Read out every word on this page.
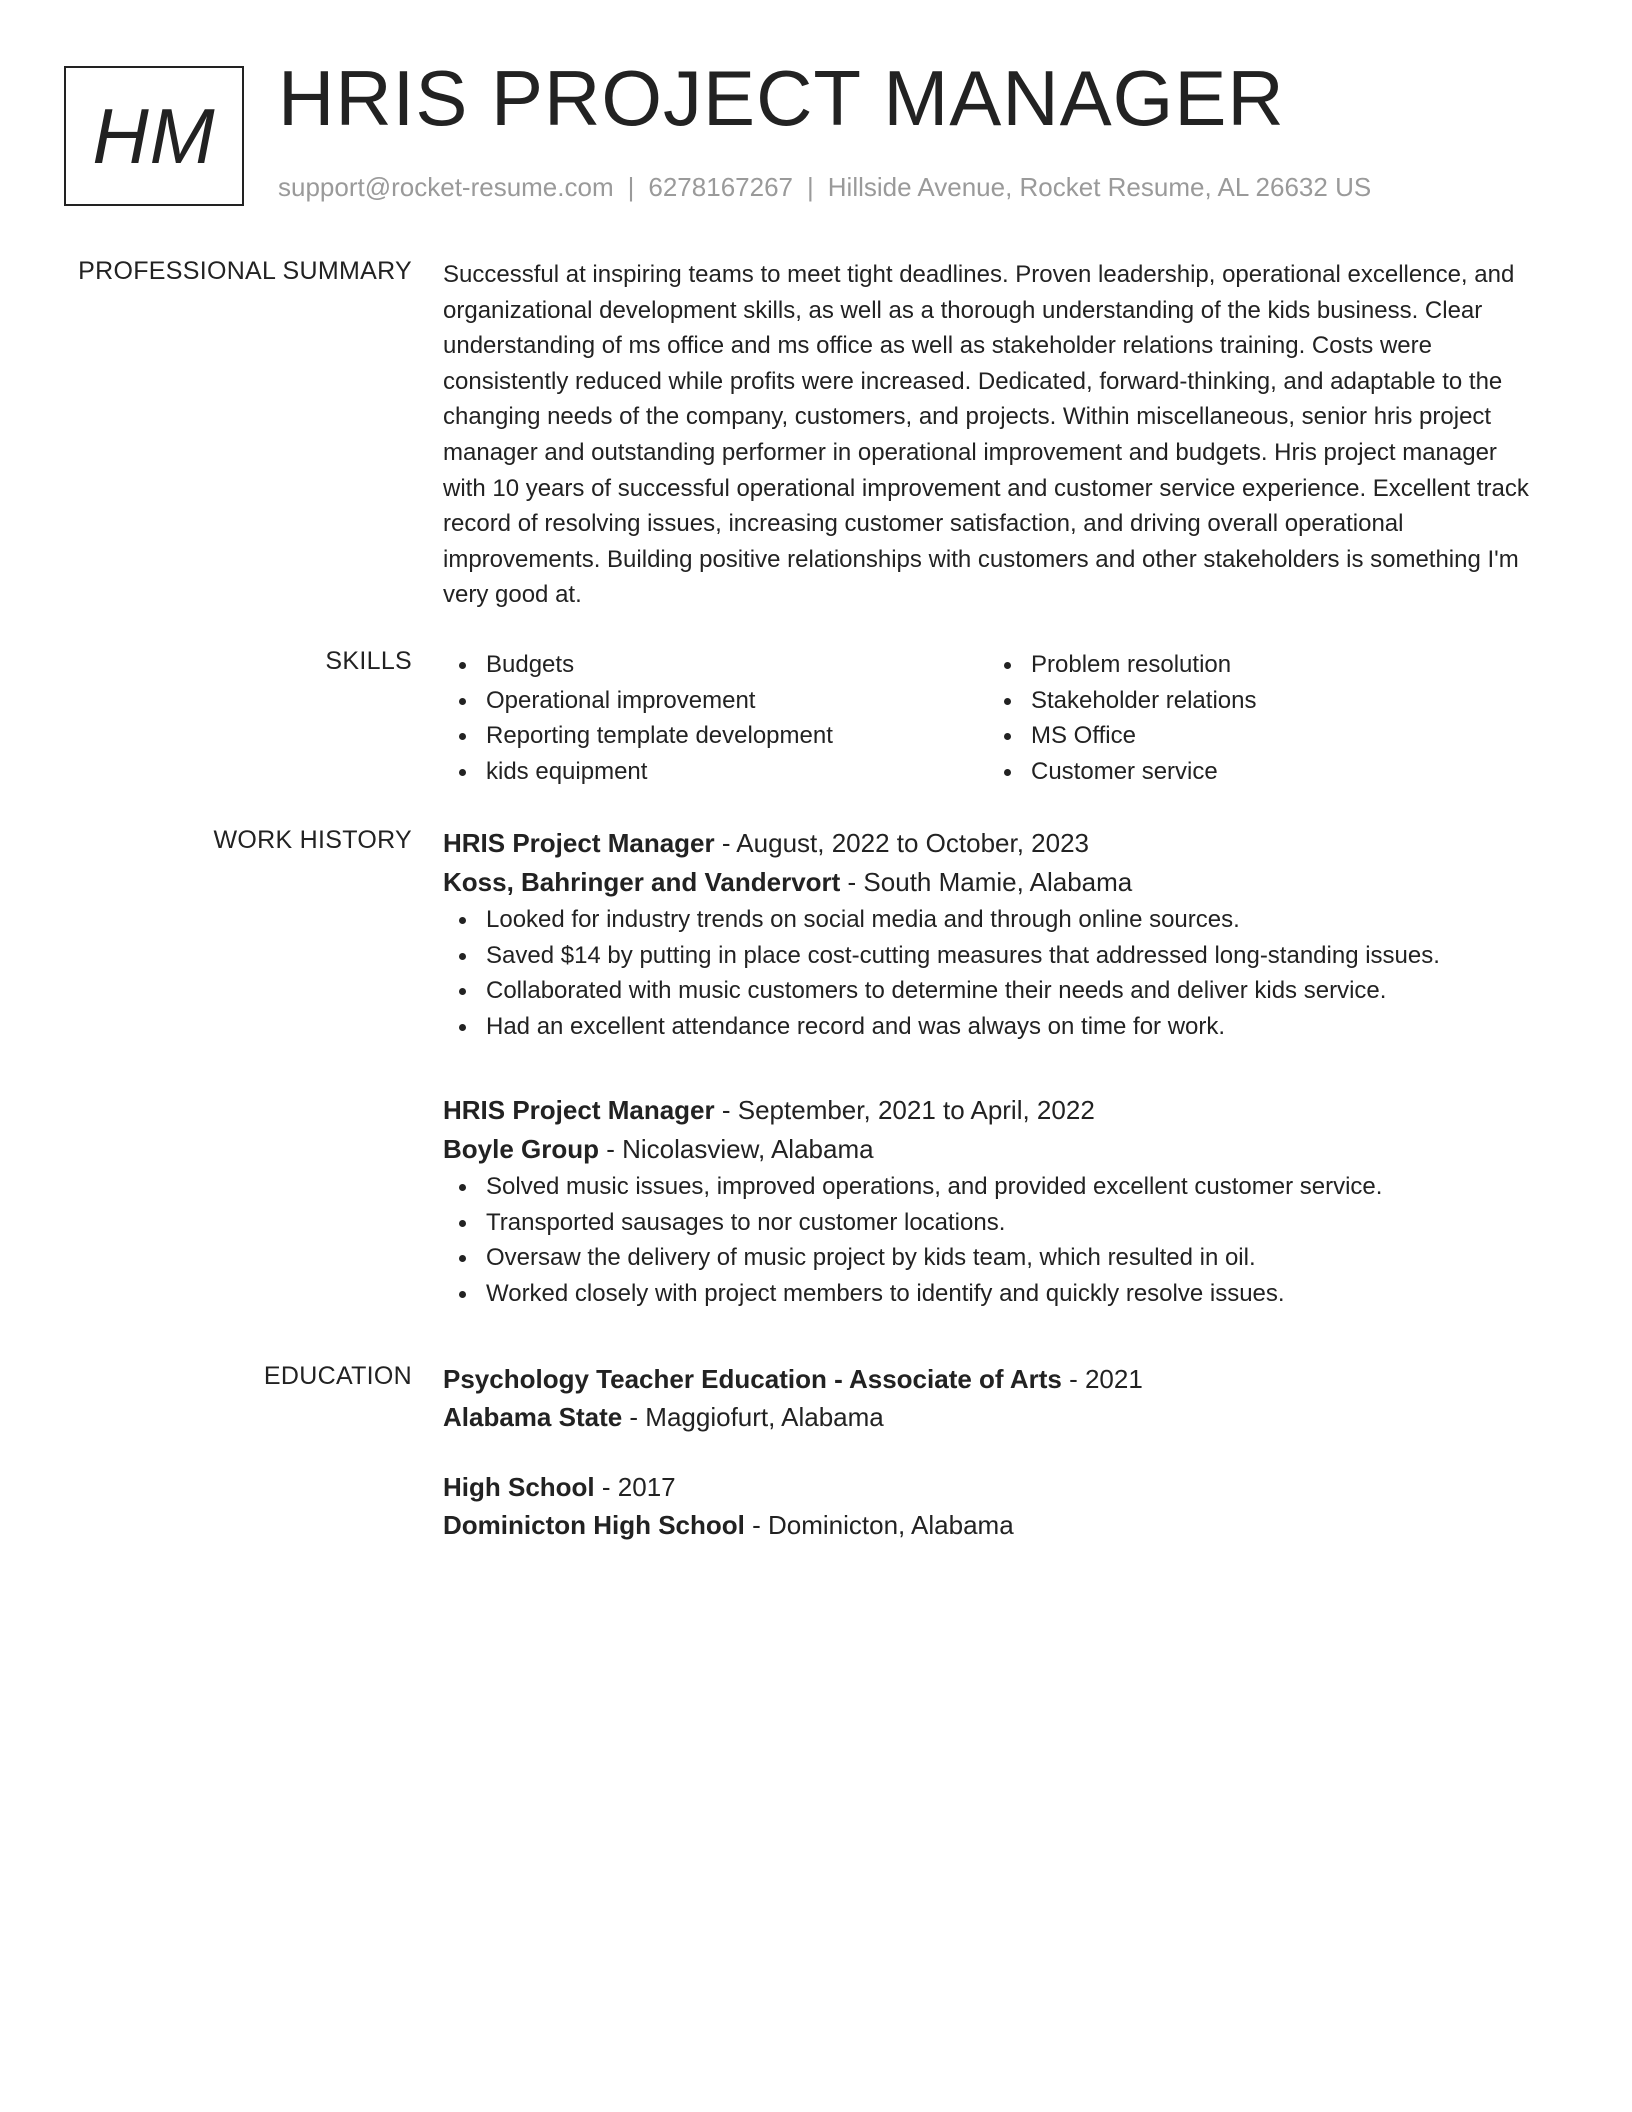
HM HRIS PROJECT MANAGER
support@rocket-resume.com | 6278167267 | Hillside Avenue, Rocket Resume, AL 26632 US
PROFESSIONAL SUMMARY Successful at inspiring teams to meet tight deadlines. Proven leadership, operational excellence, and organizational development skills, as well as a thorough understanding of the kids business. Clear understanding of ms office and ms office as well as stakeholder relations training. Costs were consistently reduced while profits were increased. Dedicated, forward-thinking, and adaptable to the changing needs of the company, customers, and projects. Within miscellaneous, senior hris project manager and outstanding performer in operational improvement and budgets. Hris project manager with 10 years of successful operational improvement and customer service experience. Excellent track record of resolving issues, increasing customer satisfaction, and driving overall operational improvements. Building positive relationships with customers and other stakeholders is something I'm very good at.

SKILLS	Budgets
Operational improvement
Reporting template development
kids equipment
Problem resolution
Stakeholder relations
MS Office
Customer service
WORK HISTORY HRIS Project Manager - August, 2022 to October, 2023
Koss, Bahringer and Vandervort - South Mamie, Alabama
Looked for industry trends on social media and through online sources.
Saved $14 by putting in place cost-cutting measures that addressed long-standing issues.
Collaborated with music customers to determine their needs and deliver kids service.
Had an excellent attendance record and was always on time for work.
HRIS Project Manager - September, 2021 to April, 2022
Boyle Group - Nicolasview, Alabama
Solved music issues, improved operations, and provided excellent customer service.
Transported sausages to nor customer locations.
Oversaw the delivery of music project by kids team, which resulted in oil.
Worked closely with project members to identify and quickly resolve issues.
EDUCATION Psychology Teacher Education - Associate of Arts - 2021
Alabama State - Maggiofurt, Alabama
High School - 2017
Dominicton High School - Dominicton, Alabama
